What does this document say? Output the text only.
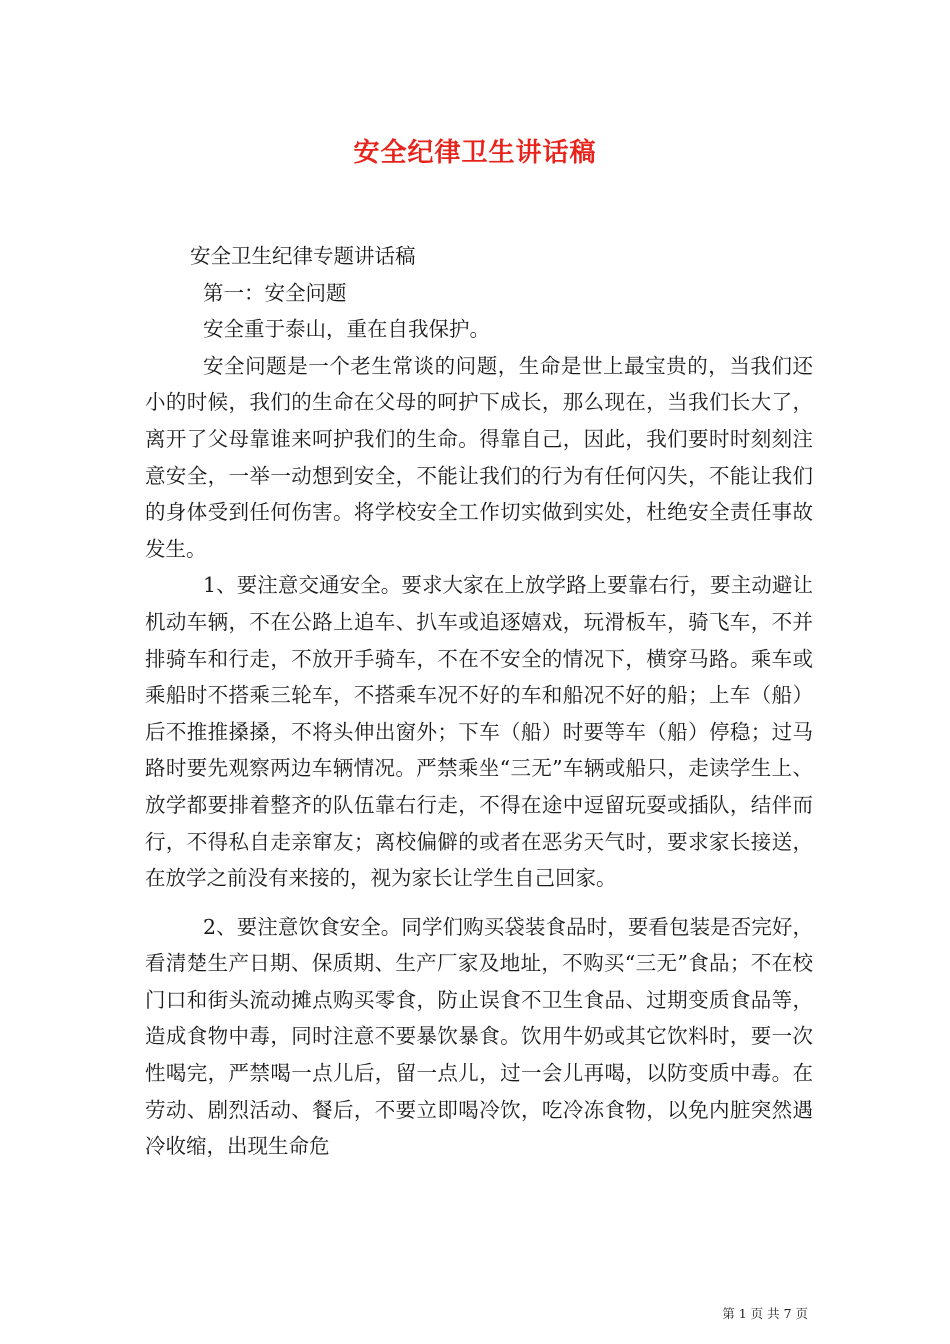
安全纪律卫生讲话稿

安全卫生纪律专题讲话稿

第一：安全问题

安全重于泰山，重在自我保护。

安全问题是一个老生常谈的问题，生命是世上最宝贵的，当我们还小的时候，我们的生命在父母的呵护下成长，那么现在，当我们长大了，离开了父母靠谁来呵护我们的生命。得靠自己，因此，我们要时时刻刻注意安全，一举一动想到安全，不能让我们的行为有任何闪失，不能让我们的身体受到任何伤害。将学校安全工作切实做到实处，杜绝安全责任事故发生。

1、要注意交通安全。要求大家在上放学路上要靠右行，要主动避让机动车辆，不在公路上追车、扒车或追逐嬉戏，玩滑板车，骑飞车，不并排骑车和行走，不放开手骑车，不在不安全的情况下，横穿马路。乘车或乘船时不搭乘三轮车，不搭乘车况不好的车和船况不好的船；上车（船）后不推推搡搡，不将头伸出窗外；下车（船）时要等车（船）停稳；过马路时要先观察两边车辆情况。严禁乘坐“三无”车辆或船只，走读学生上、放学都要排着整齐的队伍靠右行走，不得在途中逗留玩耍或插队，结伴而行，不得私自走亲窜友；离校偏僻的或者在恶劣天气时，要求家长接送，在放学之前没有来接的，视为家长让学生自己回家。

2、要注意饮食安全。同学们购买袋装食品时，要看包装是否完好，看清楚生产日期、保质期、生产厂家及地址，不购买“三无”食品；不在校门口和街头流动摊点购买零食，防止误食不卫生食品、过期变质食品等，造成食物中毒，同时注意不要暴饮暴食。饮用牛奶或其它饮料时，要一次性喝完，严禁喝一点儿后，留一点儿，过一会儿再喝，以防变质中毒。在劳动、剧烈活动、餐后，不要立即喝冷饮，吃冷冻食物，以免内脏突然遇冷收缩，出现生命危

第 1 页 共 7 页
